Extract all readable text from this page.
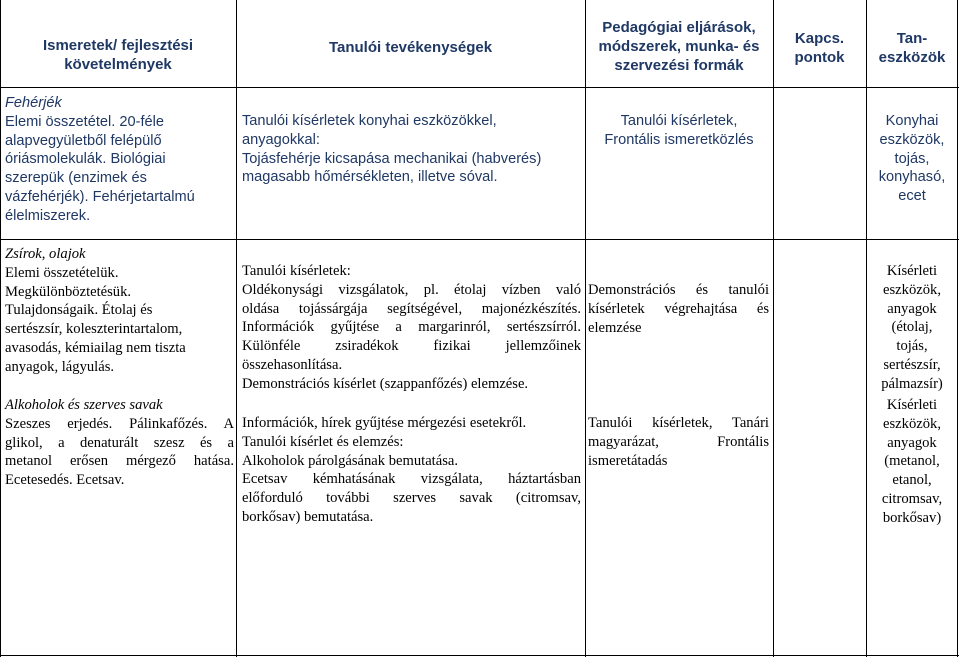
Ismeretek/ fejlesztési
követelmények
Tanulói tevékenységek
Pedagógiai eljárások,
módszerek, munka- és
szervezési formák
Kapcs.
pontok
Tan-
eszközök
Fehérjék
Elemi összetétel. 20-féle
alapvegyületből felépülő
óriásmolekulák. Biológiai
szerepük (enzimek és
vázfehérjék). Fehérjetartalmú
élelmiszerek.
Tanulói kísérletek konyhai eszközökkel,
anyagokkal:
Tojásfehérje kicsapása mechanikai (habverés)
magasabb hőmérsékleten, illetve sóval.
Tanulói kísérletek,
Frontális ismeretközlés
Konyhai
eszközök,
tojás,
konyhasó,
ecet
Zsírok, olajok
Elemi összetételük.
Megkülönböztetésük.
Tulajdonságaik. Étolaj és
sertészsír, koleszterintartalom,
avasodás, kémiailag nem tiszta
anyagok, lágyulás.
Tanulói kísérletek:
Oldékonysági vizsgálatok, pl. étolaj vízben való
oldása tojássárgája segítségével, majonézkészítés.
Információk gyűjtése a margarinról, sertészsírról.
Különféle zsiradékok fizikai jellemzőinek
összehasonlítása.
Demonstrációs kísérlet (szappanfőzés) elemzése.
Demonstrációs és tanulói
kísérletek végrehajtása és
elemzése
Kísérleti
eszközök,
anyagok
(étolaj,
tojás,
sertészsír,
pálmazsír)
Alkoholok és szerves savak
Szeszes erjedés. Pálinkafőzés. A
glikol, a denaturált szesz és a
metanol erősen mérgező hatása.
Ecetesedés. Ecetsav.
Információk, hírek gyűjtése mérgezési esetekről.
Tanulói kísérlet és elemzés:
Alkoholok párolgásának bemutatása.
Ecetsav kémhatásának vizsgálata, háztartásban
előforduló további szerves savak (citromsav,
borkősav) bemutatása.
Tanulói kísérletek, Tanári
magyarázat, Frontális
ismeretátadás
Kísérleti
eszközök,
anyagok
(metanol,
etanol,
citromsav,
borkősav)
